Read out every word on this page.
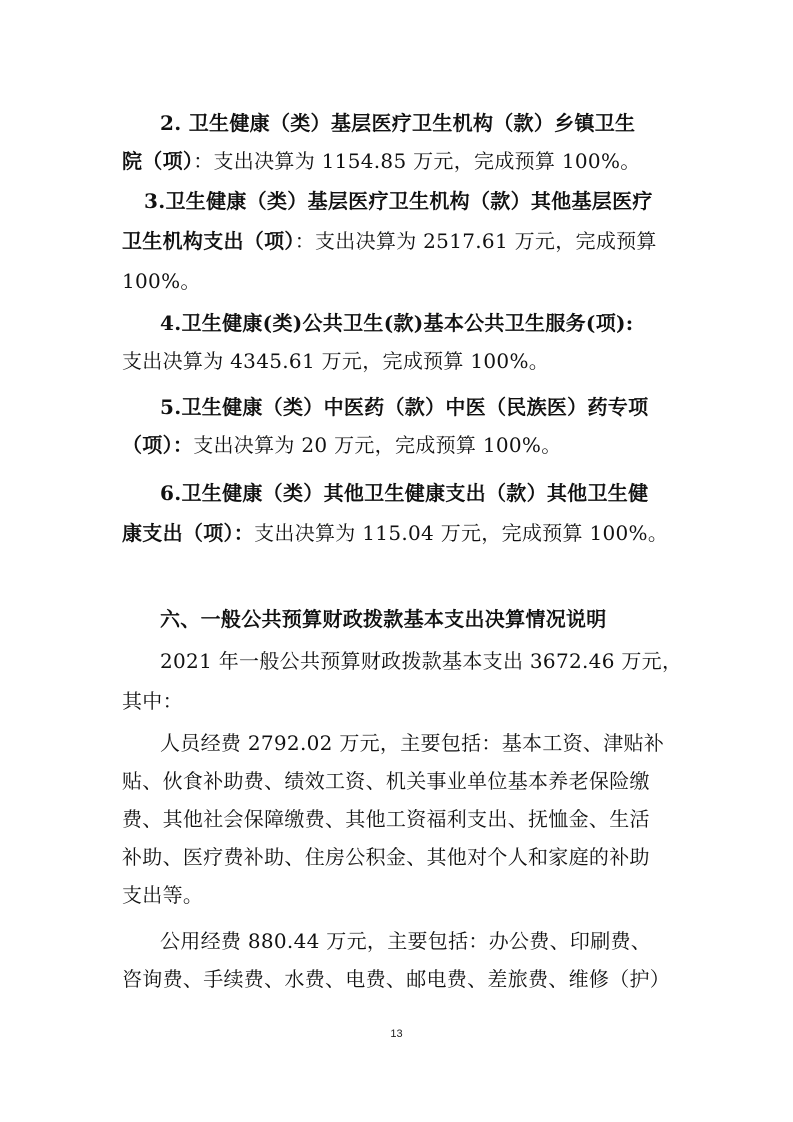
2. 卫生健康（类）基层医疗卫生机构（款）乡镇卫生
院（项）：支出决算为 1154.85 万元，完成预算 100%。
3.卫生健康（类）基层医疗卫生机构（款）其他基层医疗
卫生机构支出（项）：支出决算为 2517.61 万元，完成预算
100%。
4.卫生健康(类)公共卫生(款)基本公共卫生服务(项):
支出决算为 4345.61 万元，完成预算 100%。
5.卫生健康（类）中医药（款）中医（民族医）药专项
（项）：支出决算为 20 万元，完成预算 100%。
6.卫生健康（类）其他卫生健康支出（款）其他卫生健
康支出（项）：支出决算为 115.04 万元，完成预算 100%。
六、一般公共预算财政拨款基本支出决算情况说明
2021 年一般公共预算财政拨款基本支出 3672.46 万元，
其中：
人员经费 2792.02 万元，主要包括：基本工资、津贴补
贴、伙食补助费、绩效工资、机关事业单位基本养老保险缴
费、其他社会保障缴费、其他工资福利支出、抚恤金、生活
补助、医疗费补助、住房公积金、其他对个人和家庭的补助
支出等。
公用经费 880.44 万元，主要包括：办公费、印刷费、
咨询费、手续费、水费、电费、邮电费、差旅费、维修（护）
13
